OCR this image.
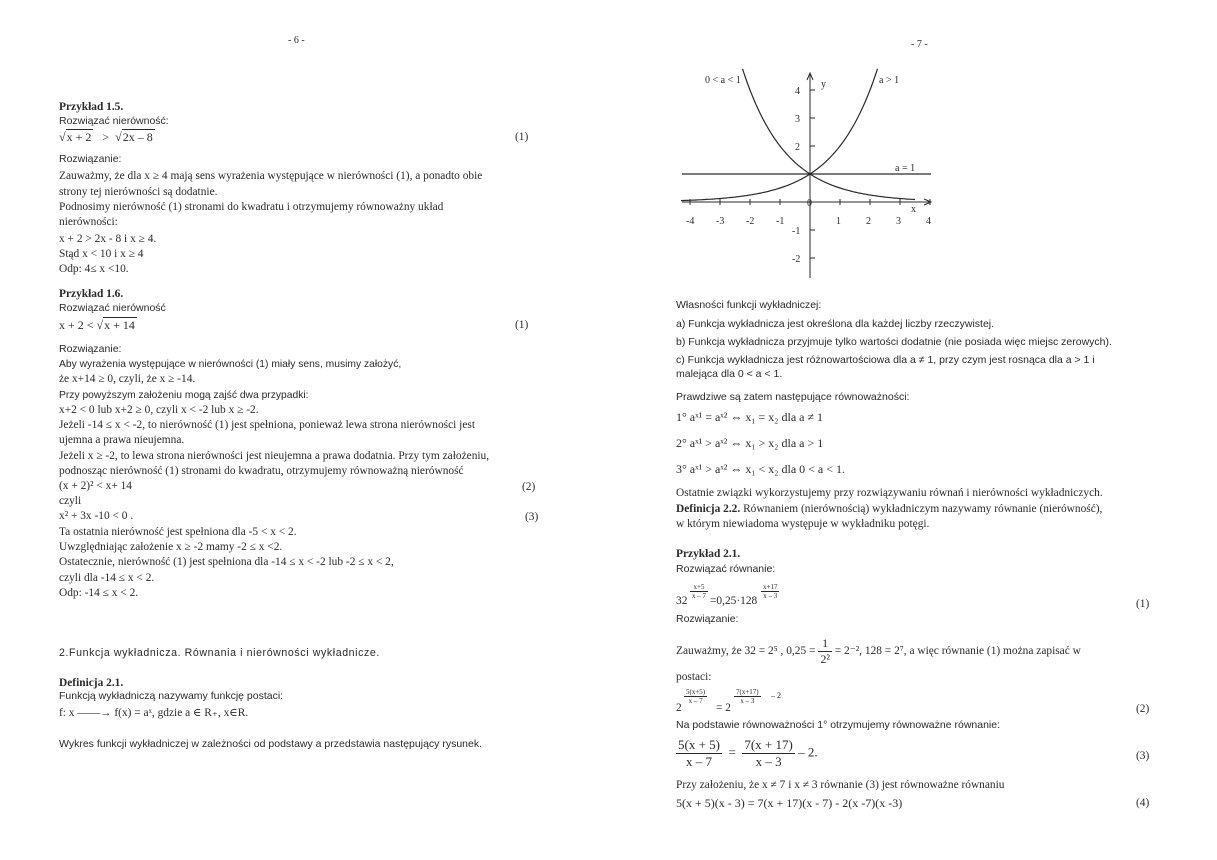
- 6 -
Przykład 1.5.
Rozwiązać nierówność:
√x + 2 >  √2x – 8	(1)
Rozwiązanie:
Zauważmy, że dla x ≥ 4 mają sens wyrażenia występujące w nierówności (1), a ponadto obie
strony tej nierówności są dodatnie.
Podnosimy nierówność (1) stronami do kwadratu i otrzymujemy równoważny układ
nierówności:
x + 2 > 2x - 8 i x ≥ 4.
Stąd x < 10 i x ≥ 4
Odp: 4≤ x <10.
Przykład 1.6.
Rozwiązać nierówność
x + 2 < √x + 14	(1)
Rozwiązanie:
Aby wyrażenia występujące w nierówności (1) miały sens, musimy założyć,
że x+14 ≥ 0, czyli, że x ≥ -14.
Przy powyższym założeniu mogą zajść dwa przypadki:
x+2 < 0 lub x+2 ≥ 0, czyli x < -2 lub x ≥ -2.
Jeżeli -14 ≤ x < -2, to nierówność (1) jest spełniona, ponieważ lewa strona nierówności jest
ujemna a prawa nieujemna.
Jeżeli x ≥ -2, to lewa strona nierówności jest nieujemna a prawa dodatnia. Przy tym założeniu,
podnosząc nierówność (1) stronami do kwadratu, otrzymujemy równoważną nierówność
(x + 2)² < x+ 14	(2)
czyli
x² + 3x -10 < 0 .	(3)
Ta ostatnia nierówność jest spełniona dla -5 < x < 2.
Uwzględniając założenie x ≥ -2 mamy -2 ≤ x <2.
Ostatecznie, nierówność (1) jest spełniona dla -14 ≤ x < -2 lub -2 ≤ x < 2,
czyli dla -14 ≤ x < 2.
Odp: -14 ≤ x < 2.
2.Funkcja wykładnicza. Równania i nierówności wykładnicze.
Definicja 2.1.
Funkcją wykładniczą nazywamy funkcję postaci:
f: x ——→ f(x) = aˣ, gdzie a ∈ R₊, x∈R.
Wykres funkcji wykładniczej w zależności od podstawy a przedstawia następujący rysunek.
- 7 -
-4 -3 -2 -1
0
1	2	3	4
4
3
2
-1
-2
0 < a < 1	a > 1
a = 1
y
x
Własności funkcji wykładniczej:
a) Funkcja wykładnicza jest określona dla każdej liczby rzeczywistej.
b) Funkcja wykładnicza przyjmuje tylko wartości dodatnie (nie posiada więc miejsc zerowych).
c) Funkcja wykładnicza jest różnowartościowa dla a ≠ 1, przy czym jest rosnąca dla a > 1 i
malejąca dla 0 < a < 1.
Prawdziwe są zatem następujące równoważności:
1° aˣ¹ = aˣ² ⇔ x₁ = x₂ dla a ≠ 1
2° aˣ¹ > aˣ² ⇔ x₁ > x₂ dla a > 1
3° aˣ¹ > aˣ² ⇔ x₁ < x₂ dla 0 < a < 1.
Ostatnie związki wykorzystujemy przy rozwiązywaniu równań i nierówności wykładniczych.
Definicja 2.2. Równaniem (nierównością) wykładniczym nazywamy równanie (nierówność),
w którym niewiadoma występuje w wykładniku potęgi.
Przykład 2.1.
Rozwiązać równanie:
$\frac{x+5}{x - 7}$
32 =0,25·128
$\frac{x+17}{x - 3}$
(1)
Rozwiązanie:
Zauważmy, że 32 = 2⁵ , $0,25 = \frac{1}{\text{2²}} = 2^{-2}$, 128 = 2⁷, a więc równanie (1) można zapisać w
postaci:
2
$\frac{5(x+5)}{x - 7}$
= 2
$\frac{7(x+17)}{x - 3} - 2$
(2)
Na podstawie równoważności 1° otrzymujemy równoważne równanie:
$\frac{5(x + 5)}{x - 7} = \frac{7(x + 17)}{x - 3} - 2$.	(3)
Przy założeniu, że x ≠ 7 i x ≠ 3 równanie (3) jest równoważne równaniu
5(x + 5)(x - 3) = 7(x + 17)(x - 7) - 2(x -7)(x -3)	(4)
